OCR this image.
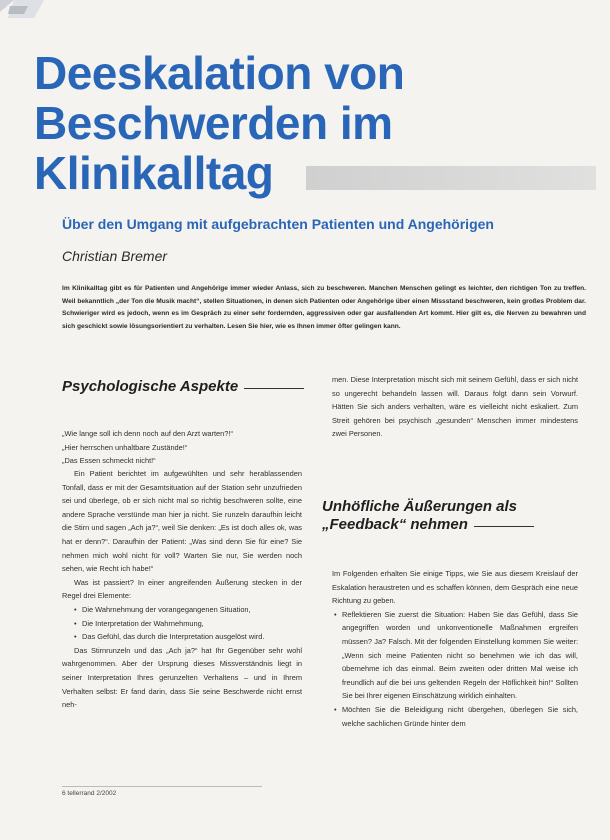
Deeskalation von
Beschwerden im
Klinikalltag
Über den Umgang mit aufgebrachten Patienten und Angehörigen
Christian Bremer

Im Klinikalltag gibt es für Patienten und Angehörige immer wieder Anlass, sich zu beschweren. Manchen Menschen gelingt es leichter, den richtigen Ton zu treffen. Weil bekanntlich „der Ton die Musik macht“, stellen Situationen, in denen sich Patienten oder Angehörige über einen Missstand beschweren, kein großes Problem dar. Schwieriger wird es jedoch, wenn es im Gespräch zu einer sehr fordernden, aggressiven oder gar ausfallenden Art kommt. Hier gilt es, die Nerven zu bewahren und sich geschickt sowie lösungsorientiert zu verhalten. Lesen Sie hier, wie es Ihnen immer öfter gelingen kann.

Psychologische Aspekte

„Wie lange soll ich denn noch auf den Arzt warten?!“

„Hier herrschen unhaltbare Zustände!“

„Das Essen schmeckt nicht!“

Ein Patient berichtet im aufgewühlten und sehr herablassenden Tonfall, dass er mit der Gesamtsituation auf der Station sehr unzufrieden sei und überlege, ob er sich nicht mal so richtig beschweren sollte, eine andere Sprache verstünde man hier ja nicht. Sie runzeln daraufhin leicht die Stirn und sagen „Ach ja?“, weil Sie denken: „Es ist doch alles ok, was hat er denn?“. Daraufhin der Patient: „Was sind denn Sie für eine? Sie nehmen mich wohl nicht für voll? Warten Sie nur, Sie werden noch sehen, wie Recht ich habe!“

Was ist passiert? In einer angreifenden Äußerung stecken in der Regel drei Elemente:

• Die Wahrnehmung der vorangegangenen Situation,
• Die Interpretation der Wahrnehmung,
• Das Gefühl, das durch die Interpretation ausgelöst wird.

Das Stirnrunzeln und das „Ach ja?“ hat Ihr Gegenüber sehr wohl wahrgenommen. Aber der Ursprung dieses Missverständnis liegt in seiner Interpretation Ihres gerunzelten Verhaltens – und in Ihrem Verhalten selbst: Er fand darin, dass Sie seine Beschwerde nicht ernst neh-

men. Diese Interpretation mischt sich mit seinem Gefühl, dass er sich nicht so ungerecht behandeln lassen will. Daraus folgt dann sein Vorwurf. Hätten Sie sich anders verhalten, wäre es vielleicht nicht eskaliert. Zum Streit gehören bei psychisch „gesunden“ Menschen immer mindestens zwei Personen.

Unhöfliche Äußerungen als
„Feedback“ nehmen

Im Folgenden erhalten Sie einige Tipps, wie Sie aus diesem Kreislauf der Eskalation heraustreten und es schaffen können, dem Gespräch eine neue Richtung zu geben.

• Reflektieren Sie zuerst die Situation: Haben Sie das Gefühl, dass Sie angegriffen worden und unkonventionelle Maßnahmen ergreifen müssen? Ja? Falsch. Mit der folgenden Einstellung kommen Sie weiter: „Wenn sich meine Patienten nicht so benehmen wie ich das will, übernehme ich das einmal. Beim zweiten oder dritten Mal weise ich freundlich auf die bei uns geltenden Regeln der Höflichkeit hin!“ Sollten Sie bei Ihrer eigenen Einschätzung wirklich einhalten.
• Möchten Sie die Beleidigung nicht übergehen, überlegen Sie sich, welche sachlichen Gründe hinter dem
6 tellerrand 2/2002
